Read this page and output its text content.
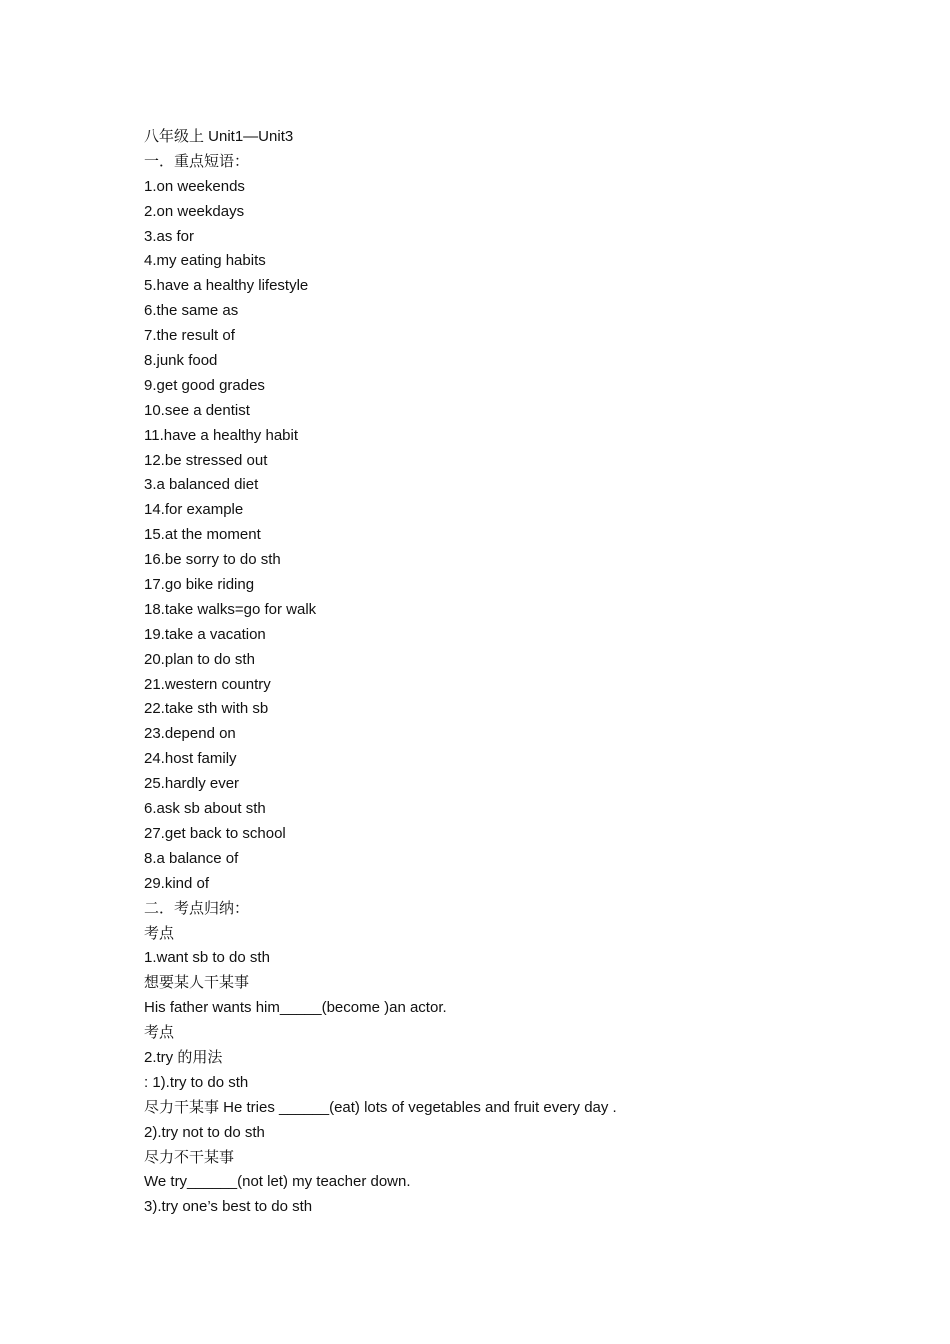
八年级上 Unit1—Unit3
一．重点短语：
1.on weekends
2.on weekdays
3.as for
4.my eating habits
5.have a healthy lifestyle
6.the same as
7.the result of
8.junk food
9.get good grades
10.see a dentist
11.have a healthy habit
12.be stressed out
3.a balanced diet
14.for example
15.at the moment
16.be sorry to do sth
17.go bike riding
18.take walks=go for walk
19.take a vacation
20.plan to do sth
21.western country
22.take sth with sb
23.depend on
24.host family
25.hardly ever
6.ask sb about sth
27.get back to school
8.a balance of
29.kind of
二．考点归纳：
考点
1.want sb to do sth
想要某人干某事
His father wants him_____(become )an actor.
考点
2.try 的用法
: 1).try to do sth
尽力干某事 He tries ______(eat) lots of vegetables and fruit every day .
2).try not to do sth
尽力不干某事
We try______(not let) my teacher down.
3).try one’s best to do sth
